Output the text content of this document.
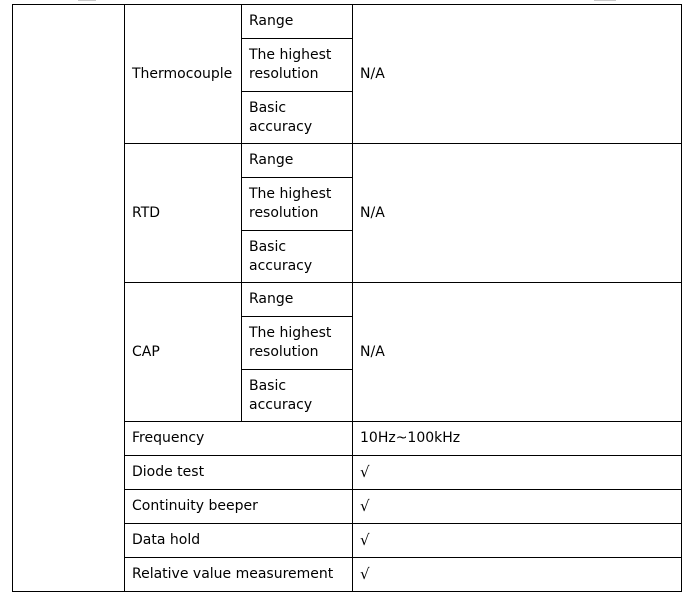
	Thermocouple	Range	N/A
		The highest resolution	
		Basic accuracy	
	RTD	Range	N/A
		The highest resolution	
		Basic accuracy	
	CAP	Range	N/A
		The highest resolution	
		Basic accuracy	
	Frequency		10Hz~100kHz
	Diode test		√
	Continuity beeper		√
	Data hold		√
	Relative value measurement		√
